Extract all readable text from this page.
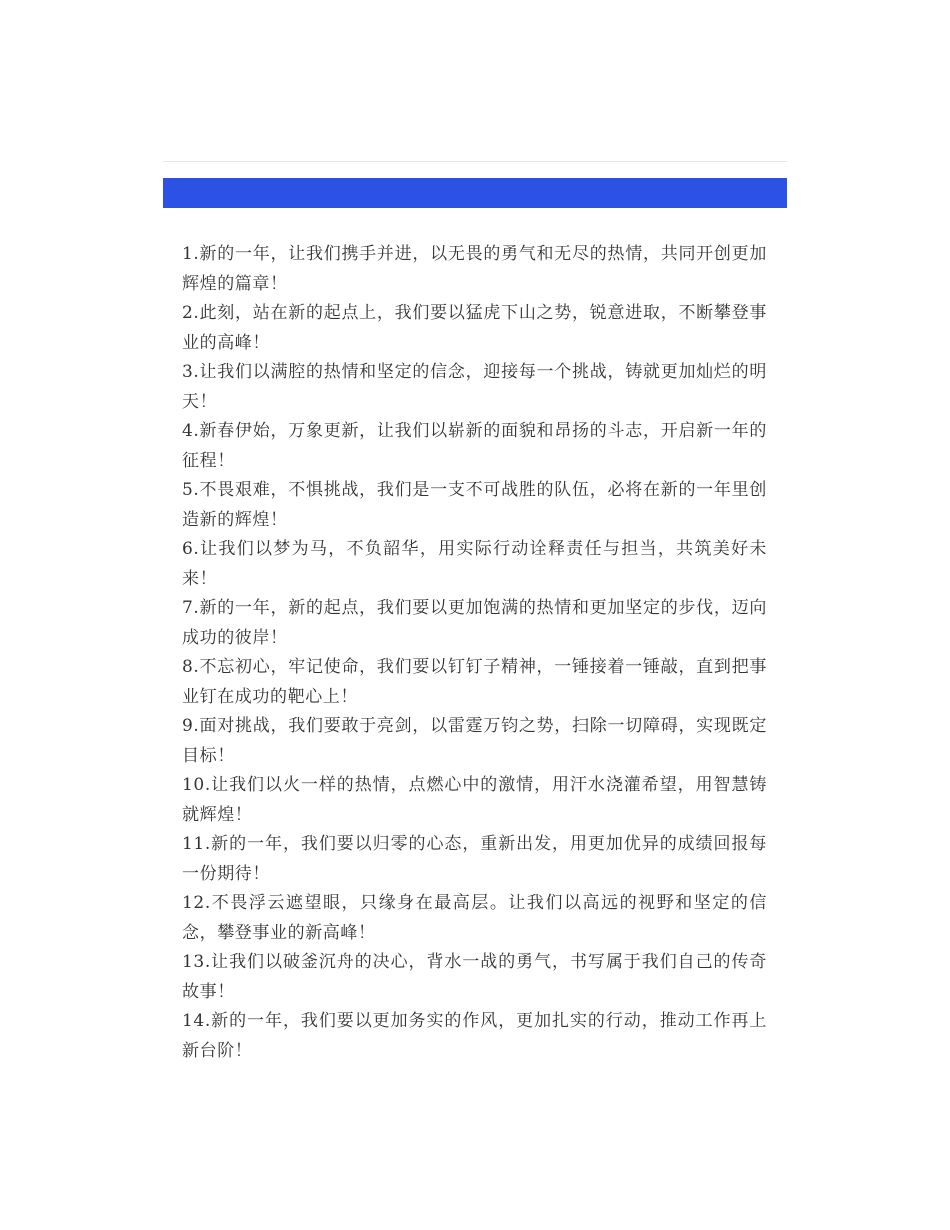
1.新的一年，让我们携手并进，以无畏的勇气和无尽的热情，共同开创更加辉煌的篇章！

2.此刻，站在新的起点上，我们要以猛虎下山之势，锐意进取，不断攀登事业的高峰！

3.让我们以满腔的热情和坚定的信念，迎接每一个挑战，铸就更加灿烂的明天！

4.新春伊始，万象更新，让我们以崭新的面貌和昂扬的斗志，开启新一年的征程！

5.不畏艰难，不惧挑战，我们是一支不可战胜的队伍，必将在新的一年里创造新的辉煌！

6.让我们以梦为马，不负韶华，用实际行动诠释责任与担当，共筑美好未来！

7.新的一年，新的起点，我们要以更加饱满的热情和更加坚定的步伐，迈向成功的彼岸！

8.不忘初心，牢记使命，我们要以钉钉子精神，一锤接着一锤敲，直到把事业钉在成功的靶心上！

9.面对挑战，我们要敢于亮剑，以雷霆万钧之势，扫除一切障碍，实现既定目标！

10.让我们以火一样的热情，点燃心中的激情，用汗水浇灌希望，用智慧铸就辉煌！

11.新的一年，我们要以归零的心态，重新出发，用更加优异的成绩回报每一份期待！

12.不畏浮云遮望眼，只缘身在最高层。让我们以高远的视野和坚定的信念，攀登事业的新高峰！

13.让我们以破釜沉舟的决心，背水一战的勇气，书写属于我们自己的传奇故事！

14.新的一年，我们要以更加务实的作风，更加扎实的行动，推动工作再上新台阶！
